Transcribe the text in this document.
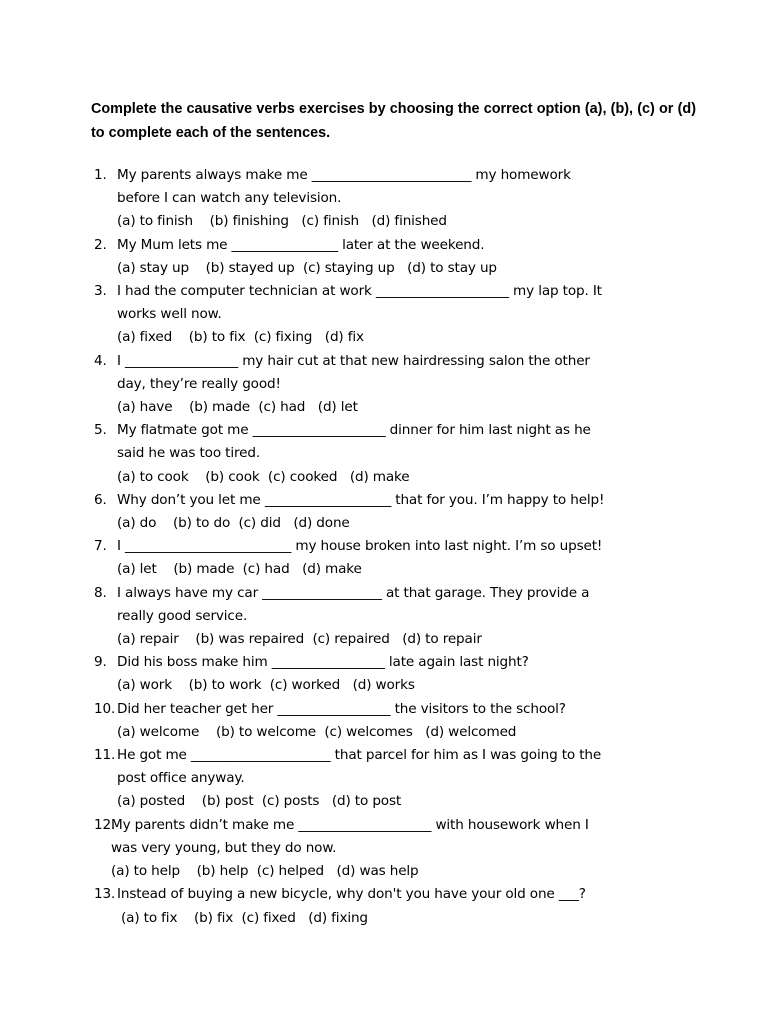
Complete the causative verbs exercises by choosing the correct option (a), (b), (c) or (d) to complete each of the sentences.

1. My parents always make me ________________________ my homework
before I can watch any television.
(a) to finish    (b) finishing   (c) finish   (d) finished
2. My Mum lets me ________________ later at the weekend.
(a) stay up    (b) stayed up  (c) staying up   (d) to stay up
3. I had the computer technician at work ____________________ my lap top. It
works well now.
(a) fixed    (b) to fix  (c) fixing   (d) fix
4. I _________________ my hair cut at that new hairdressing salon the other
day, they’re really good!
(a) have    (b) made  (c) had   (d) let
5. My flatmate got me ____________________ dinner for him last night as he
said he was too tired.
(a) to cook    (b) cook  (c) cooked   (d) make
6. Why don’t you let me ___________________ that for you. I’m happy to help!
(a) do    (b) to do  (c) did   (d) done
7. I _________________________ my house broken into last night. I’m so upset!
(a) let    (b) made  (c) had   (d) make
8. I always have my car __________________ at that garage. They provide a
really good service.
(a) repair    (b) was repaired  (c) repaired   (d) to repair
9. Did his boss make him _________________ late again last night?
(a) work    (b) to work  (c) worked   (d) works
10. Did her teacher get her _________________ the visitors to the school?
(a) welcome    (b) to welcome  (c) welcomes   (d) welcomed
11. He got me _____________________ that parcel for him as I was going to the
post office anyway.
(a) posted    (b) post  (c) posts   (d) to post
12.
My parents didn’t make me ____________________ with housework when I
was very young, but they do now.
(a) to help    (b) help  (c) helped   (d) was help
13. Instead of buying a new bicycle, why don't you have your old one ___?
(a) to fix    (b) fix  (c) fixed   (d) fixing
